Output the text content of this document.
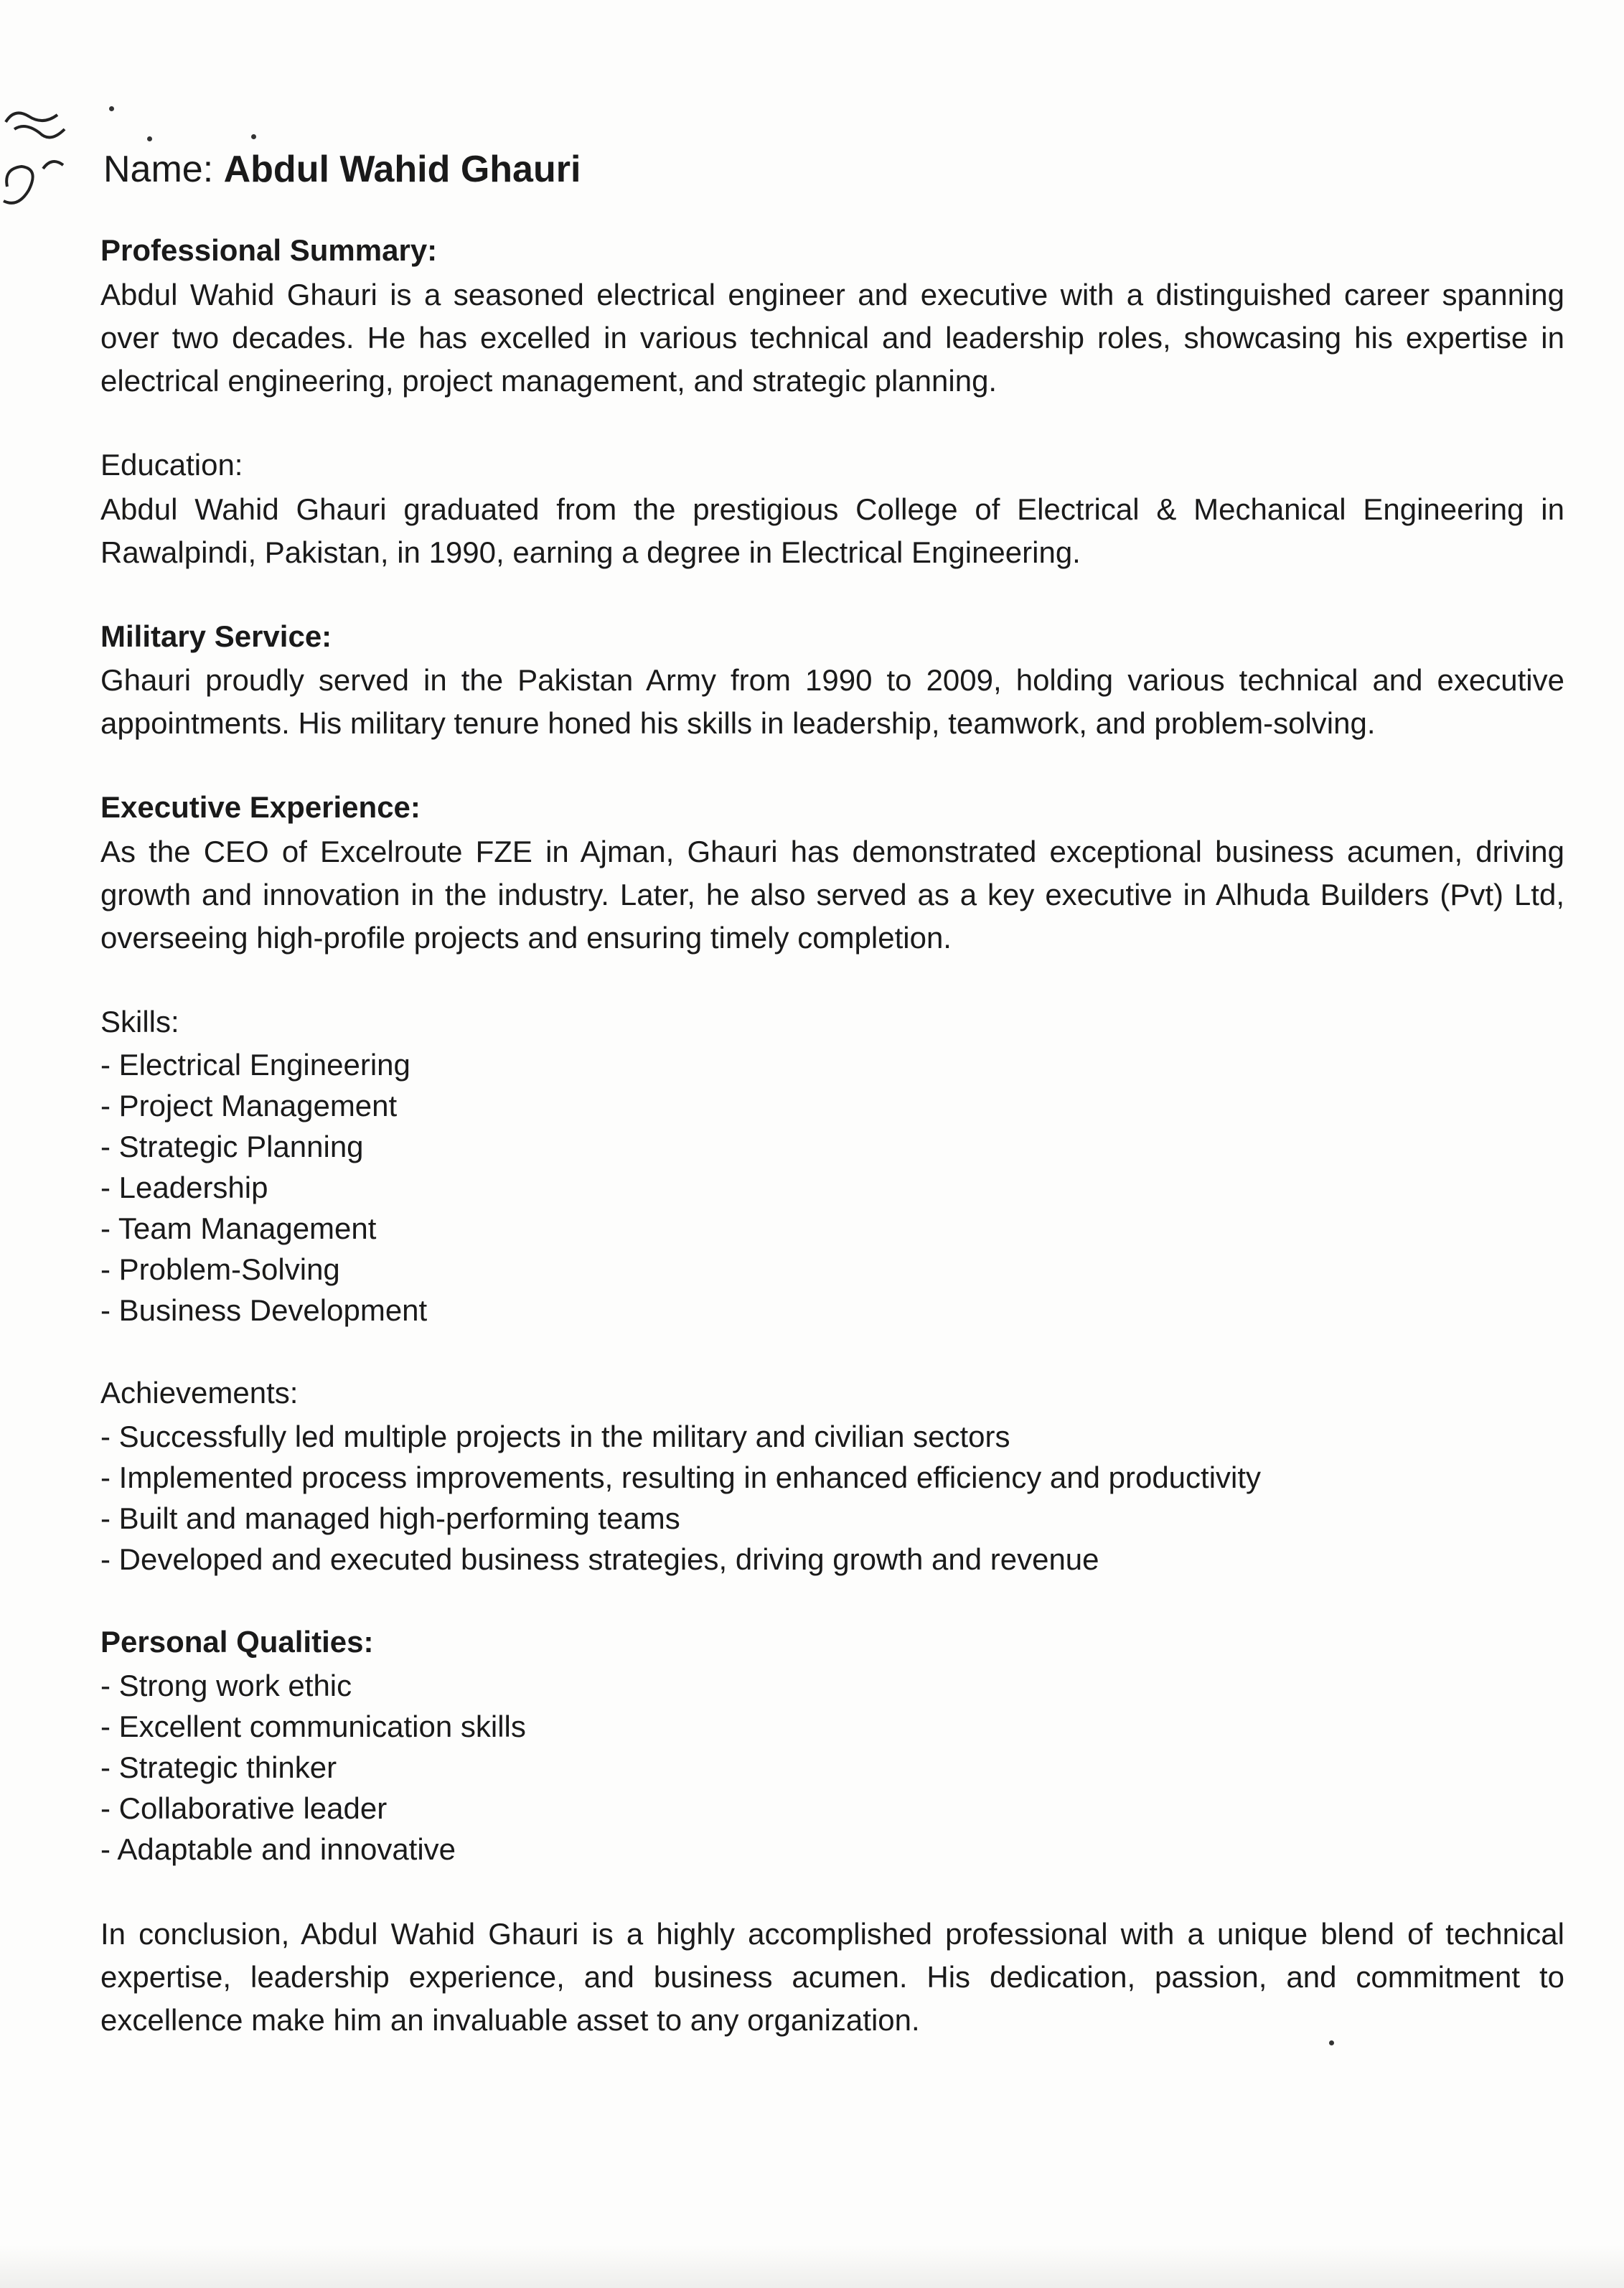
Name: Abdul Wahid Ghauri

Professional Summary:

Abdul Wahid Ghauri is a seasoned electrical engineer and executive with a distinguished career spanning over two decades. He has excelled in various technical and leadership roles, showcasing his expertise in electrical engineering, project management, and strategic planning.

Education:

Abdul Wahid Ghauri graduated from the prestigious College of Electrical & Mechanical Engineering in Rawalpindi, Pakistan, in 1990, earning a degree in Electrical Engineering.

Military Service:

Ghauri proudly served in the Pakistan Army from 1990 to 2009, holding various technical and executive appointments. His military tenure honed his skills in leadership, teamwork, and problem-solving.

Executive Experience:

As the CEO of Excelroute FZE in Ajman, Ghauri has demonstrated exceptional business acumen, driving growth and innovation in the industry. Later, he also served as a key executive in Alhuda Builders (Pvt) Ltd, overseeing high-profile projects and ensuring timely completion.

Skills:

- Electrical Engineering
- Project Management
- Strategic Planning
- Leadership
- Team Management
- Problem-Solving
- Business Development

Achievements:

- Successfully led multiple projects in the military and civilian sectors
- Implemented process improvements, resulting in enhanced efficiency and productivity
- Built and managed high-performing teams
- Developed and executed business strategies, driving growth and revenue

Personal Qualities:

- Strong work ethic
- Excellent communication skills
- Strategic thinker
- Collaborative leader
- Adaptable and innovative

In conclusion, Abdul Wahid Ghauri is a highly accomplished professional with a unique blend of technical expertise, leadership experience, and business acumen. His dedication, passion, and commitment to excellence make him an invaluable asset to any organization.
